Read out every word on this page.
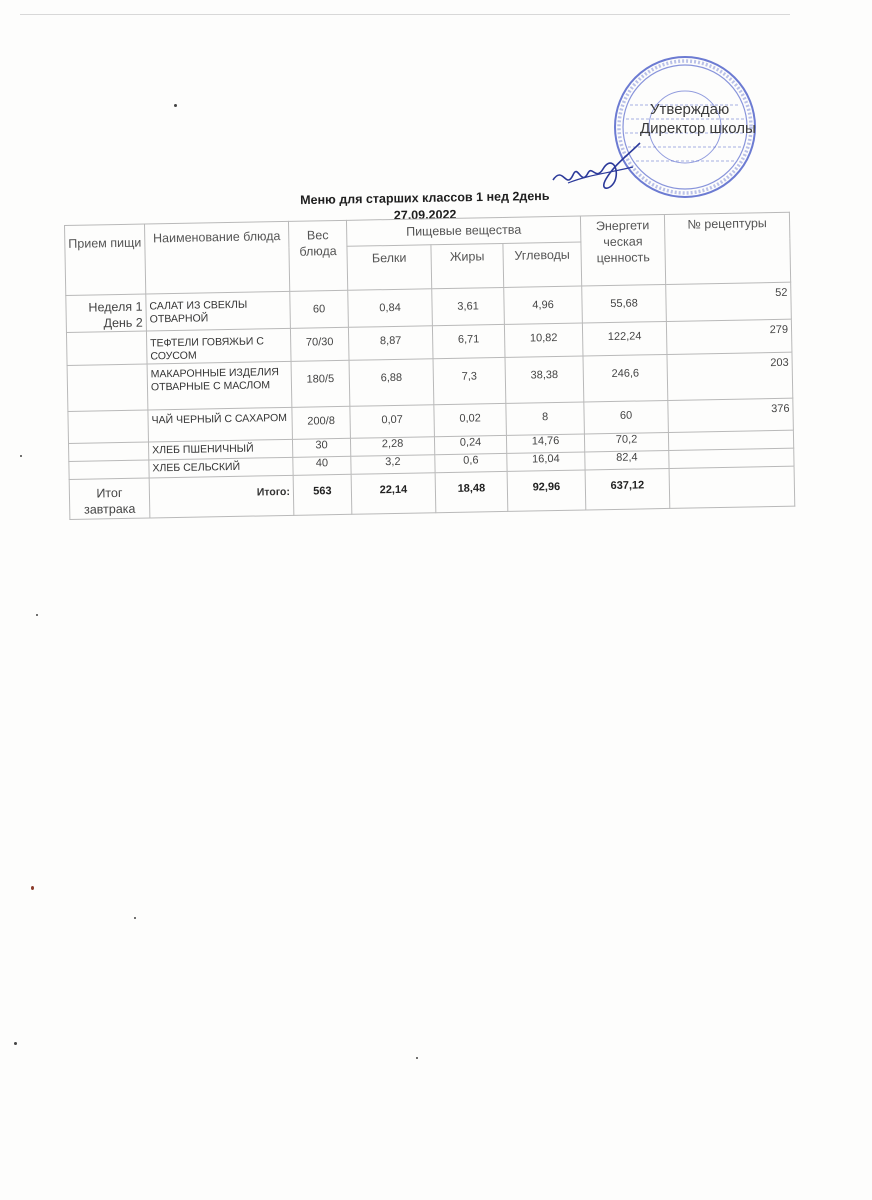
Утверждаю
Директор школы
Меню для старших классов 1 нед 2день
27.09.2022
Прием пищи	Наименование блюда	Вес блюда	Пищевые вещества			Энергети ческая ценность	№ рецептуры
			Белки	Жиры	Углеводы		
Неделя 1 День 2	САЛАТ ИЗ СВЕКЛЫ ОТВАРНОЙ	60	0,84	3,61	4,96	55,68	52
	ТЕФТЕЛИ ГОВЯЖЬИ С СОУСОМ	70/30	8,87	6,71	10,82	122,24	279
	МАКАРОННЫЕ ИЗДЕЛИЯ ОТВАРНЫЕ С МАСЛОМ	180/5	6,88	7,3	38,38	246,6	203
	ЧАЙ ЧЕРНЫЙ С САХАРОМ	200/8	0,07	0,02	8	60	376
	ХЛЕБ ПШЕНИЧНЫЙ	30	2,28	0,24	14,76	70,2	
	ХЛЕБ СЕЛЬСКИЙ	40	3,2	0,6	16,04	82,4	
Итог завтрака	Итого:	563	22,14	18,48	92,96	637,12	
